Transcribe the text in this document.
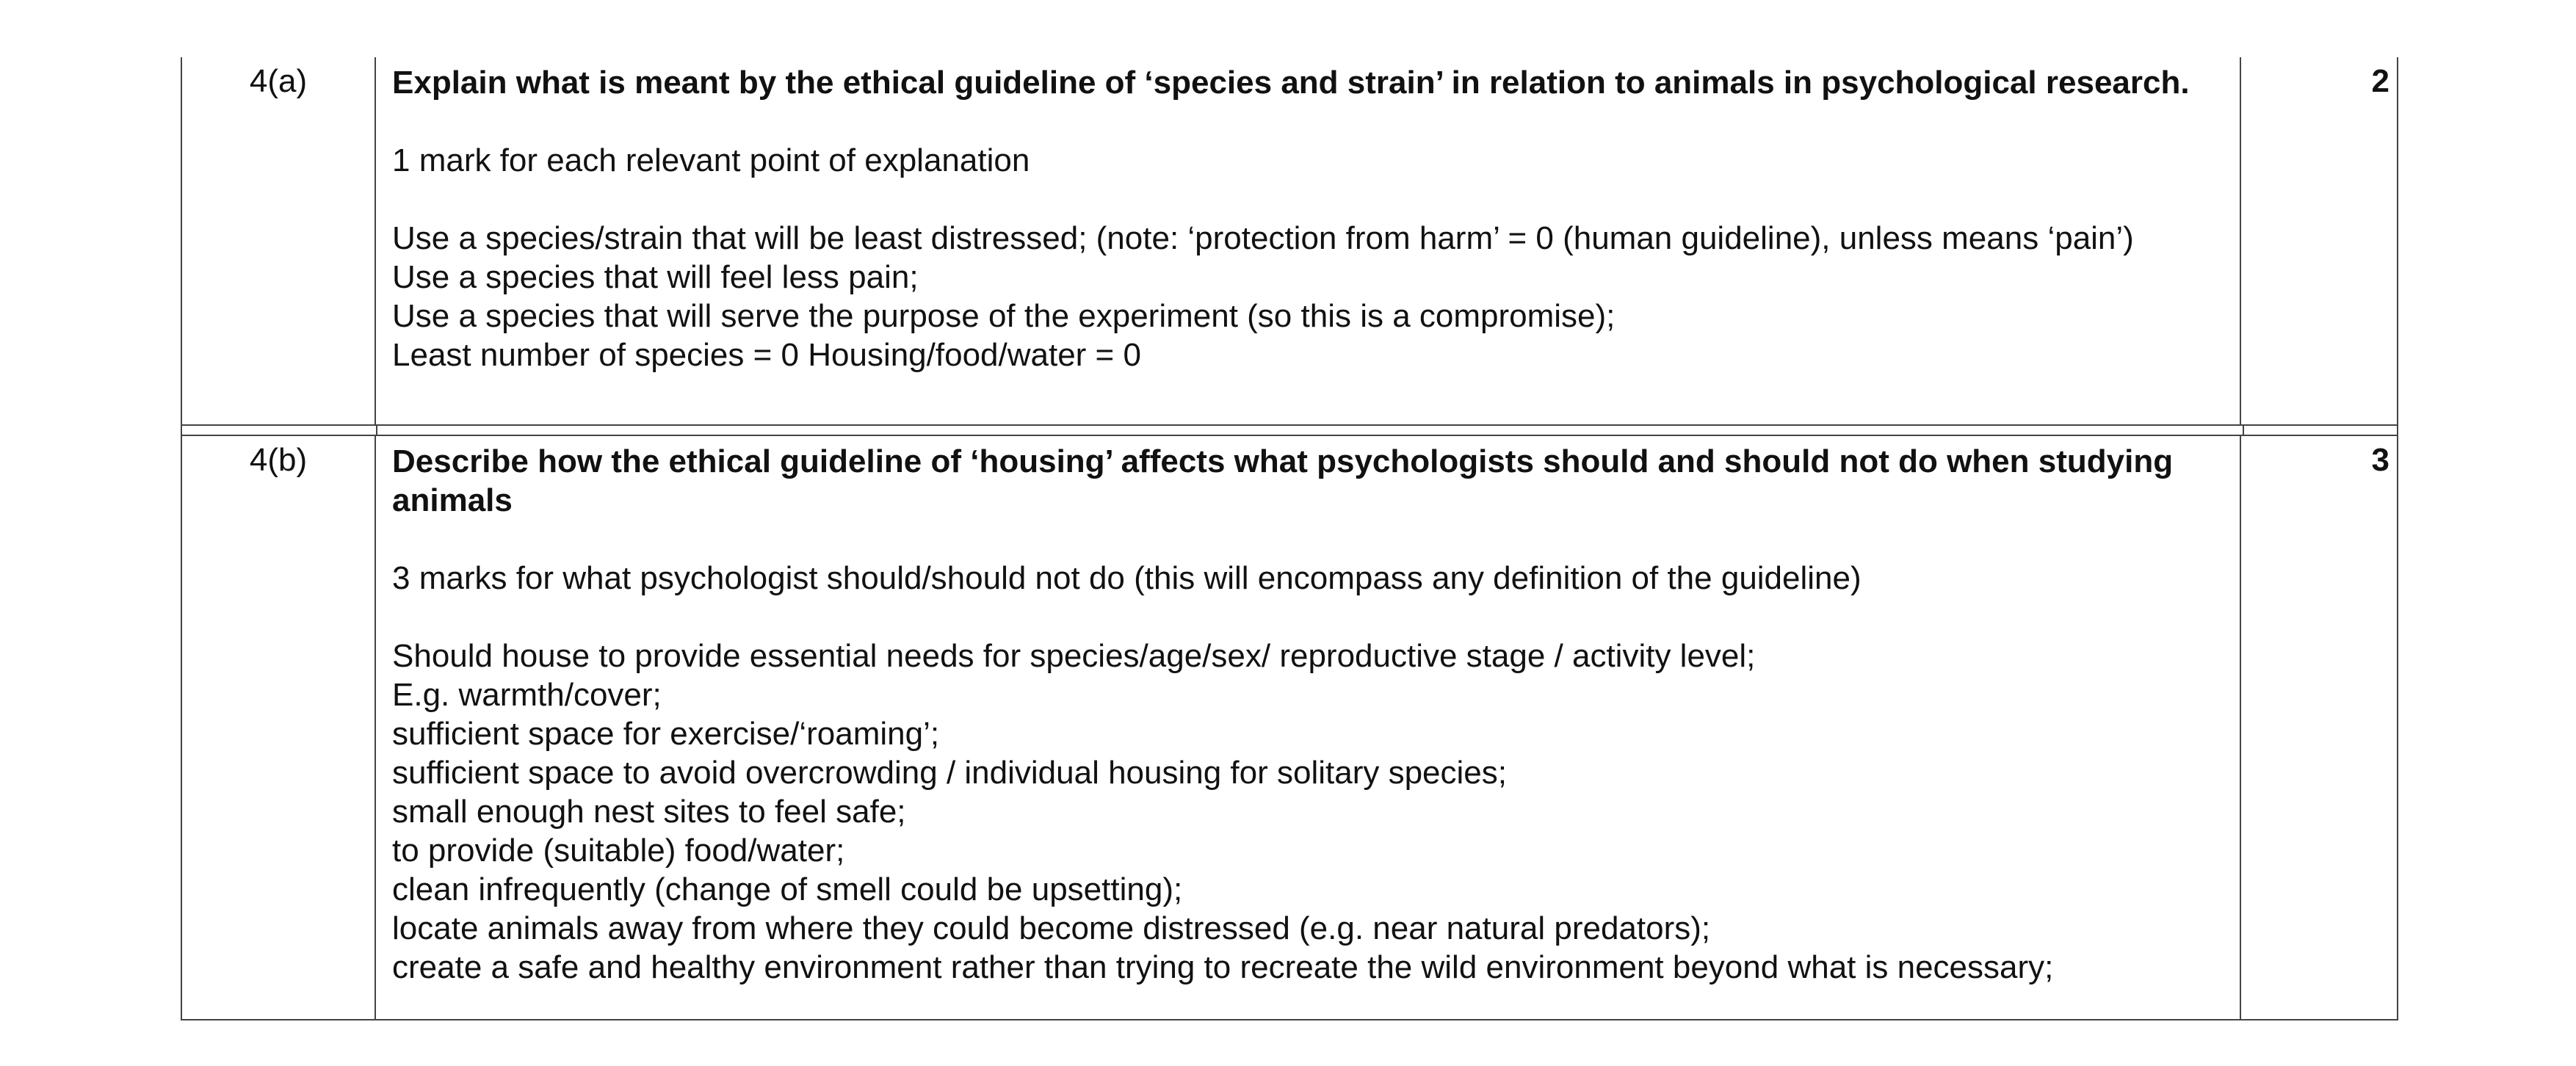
4(a)	Explain what is meant by the ethical guideline of ‘species and strain’ in relation to animals in psychological research.

1 mark for each relevant point of explanation

Use a species/strain that will be least distressed; (note: ‘protection from harm’ = 0 (human guideline), unless means ‘pain’)
Use a species that will feel less pain;
Use a species that will serve the purpose of the experiment (so this is a compromise);
Least number of species = 0 Housing/food/water = 0
2
4(b)	Describe how the ethical guideline of ‘housing’ affects what psychologists should and should not do when studying animals

3 marks for what psychologist should/should not do (this will encompass any definition of the guideline)

Should house to provide essential needs for species/age/sex/ reproductive stage / activity level;
E.g. warmth/cover;
sufficient space for exercise/‘roaming’;
sufficient space to avoid overcrowding / individual housing for solitary species;
small enough nest sites to feel safe;
to provide (suitable) food/water;
clean infrequently (change of smell could be upsetting);
locate animals away from where they could become distressed (e.g. near natural predators);
create a safe and healthy environment rather than trying to recreate the wild environment beyond what is necessary;
3
